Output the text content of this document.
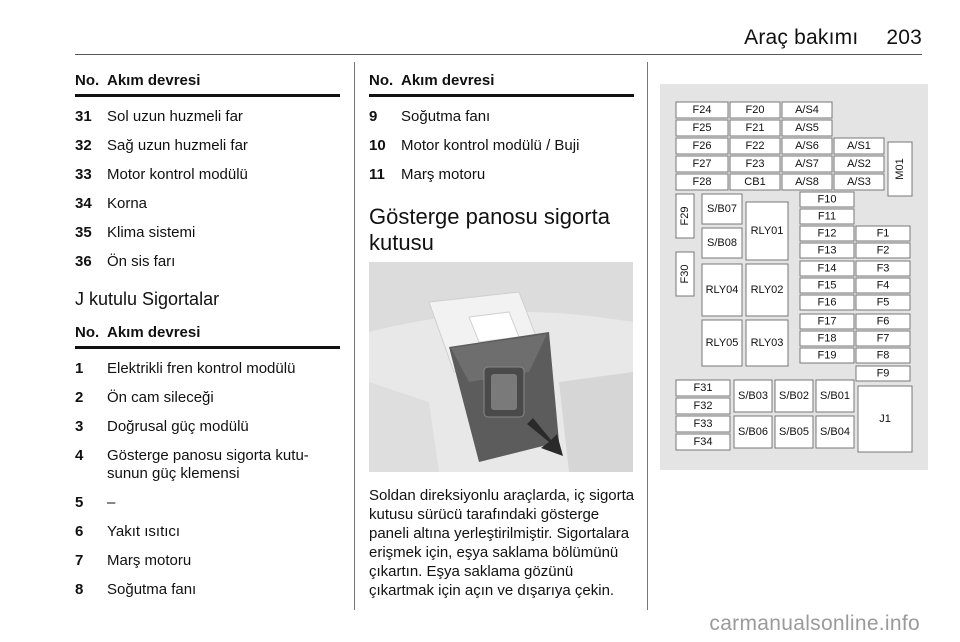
Araç bakımı 203
No. Akım devresi
31	Sol uzun huzmeli far
32	Sağ uzun huzmeli far
33	Motor kontrol modülü
34	Korna
35	Klima sistemi
36	Ön sis farı
J kutulu Sigortalar
No. Akım devresi
1	Elektrikli fren kontrol modülü
2	Ön cam sileceği
3	Doğrusal güç modülü
4	Gösterge panosu sigorta kutu- sunun güç klemensi
5	–
6	Yakıt ısıtıcı
7	Marş motoru
8	Soğutma fanı
No. Akım devresi
9	Soğutma fanı
10	Motor kontrol modülü / Buji
11	Marş motoru
Gösterge panosu sigorta kutusu
Soldan direksiyonlu araçlarda, iç sigorta kutusu sürücü tarafındaki gösterge paneli altına yerleştirilmiştir. Sigortalara erişmek için, eşya saklama bölümünü çıkartın. Eşya saklama gözünü çıkartmak için açın ve dışarıya çekin.
F24	F20	A/S4
F25	F21	A/S5
F26	F22	A/S6	A/S1
F27	F23	A/S7	A/S2
F28	CB1	A/S8	A/S3
M01
F29
F30
S/B07
S/B08
RLY01
F10
F11
F12	F1
F13	F2
F14	F3
F15	F4
F16	F5
F17	F6
F18	F7
F19	F8
F9
RLY04 RLY02
RLY05 RLY03
F31
F32
F33
F34
S/B03 S/B02 S/B01
S/B06 S/B05 S/B04
J1
carmanualsonline.info
